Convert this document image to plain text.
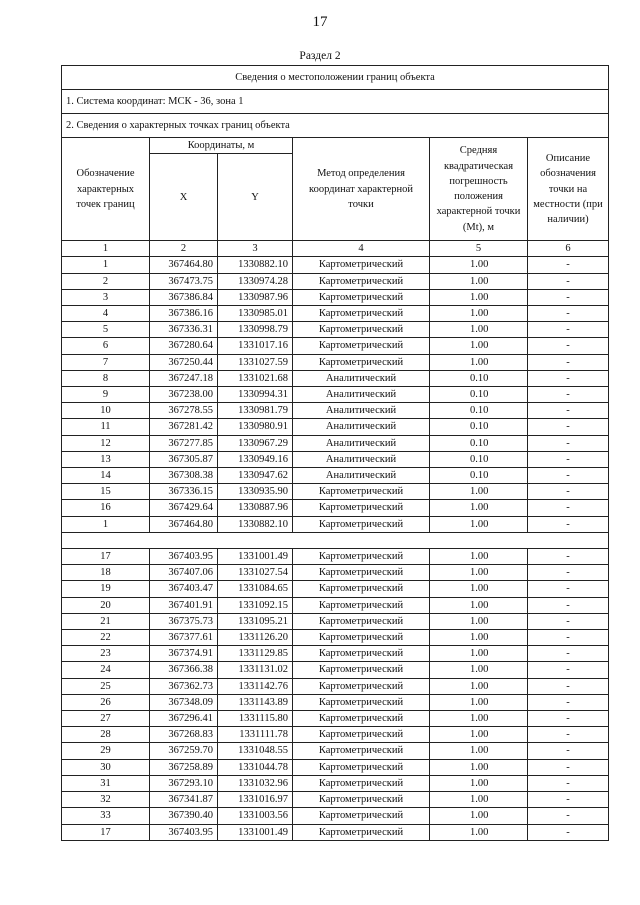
17
Раздел 2
Сведения о местоположении границ объекта					
1. Система координат: МСК - 36, зона 1					
2. Сведения о характерных точках границ объекта					
Обозначение характерных точек границ	Координаты, м		Метод определения координат характерной точки	Средняя квадратическая погрешность положения характерной точки (Mt), м	Описание обозначения точки на местности (при наличии)
	X	Y			
1	2	3	4	5	6
1	367464.80	1330882.10	Картометрический	1.00	-
2	367473.75	1330974.28	Картометрический	1.00	-
3	367386.84	1330987.96	Картометрический	1.00	-
4	367386.16	1330985.01	Картометрический	1.00	-
5	367336.31	1330998.79	Картометрический	1.00	-
6	367280.64	1331017.16	Картометрический	1.00	-
7	367250.44	1331027.59	Картометрический	1.00	-
8	367247.18	1331021.68	Аналитический	0.10	-
9	367238.00	1330994.31	Аналитический	0.10	-
10	367278.55	1330981.79	Аналитический	0.10	-
11	367281.42	1330980.91	Аналитический	0.10	-
12	367277.85	1330967.29	Аналитический	0.10	-
13	367305.87	1330949.16	Аналитический	0.10	-
14	367308.38	1330947.62	Аналитический	0.10	-
15	367336.15	1330935.90	Картометрический	1.00	-
16	367429.64	1330887.96	Картометрический	1.00	-
1	367464.80	1330882.10	Картометрический	1.00	-

17	367403.95	1331001.49	Картометрический	1.00	-
18	367407.06	1331027.54	Картометрический	1.00	-
19	367403.47	1331084.65	Картометрический	1.00	-
20	367401.91	1331092.15	Картометрический	1.00	-
21	367375.73	1331095.21	Картометрический	1.00	-
22	367377.61	1331126.20	Картометрический	1.00	-
23	367374.91	1331129.85	Картометрический	1.00	-
24	367366.38	1331131.02	Картометрический	1.00	-
25	367362.73	1331142.76	Картометрический	1.00	-
26	367348.09	1331143.89	Картометрический	1.00	-
27	367296.41	1331115.80	Картометрический	1.00	-
28	367268.83	1331111.78	Картометрический	1.00	-
29	367259.70	1331048.55	Картометрический	1.00	-
30	367258.89	1331044.78	Картометрический	1.00	-
31	367293.10	1331032.96	Картометрический	1.00	-
32	367341.87	1331016.97	Картометрический	1.00	-
33	367390.40	1331003.56	Картометрический	1.00	-
17	367403.95	1331001.49	Картометрический	1.00	-
